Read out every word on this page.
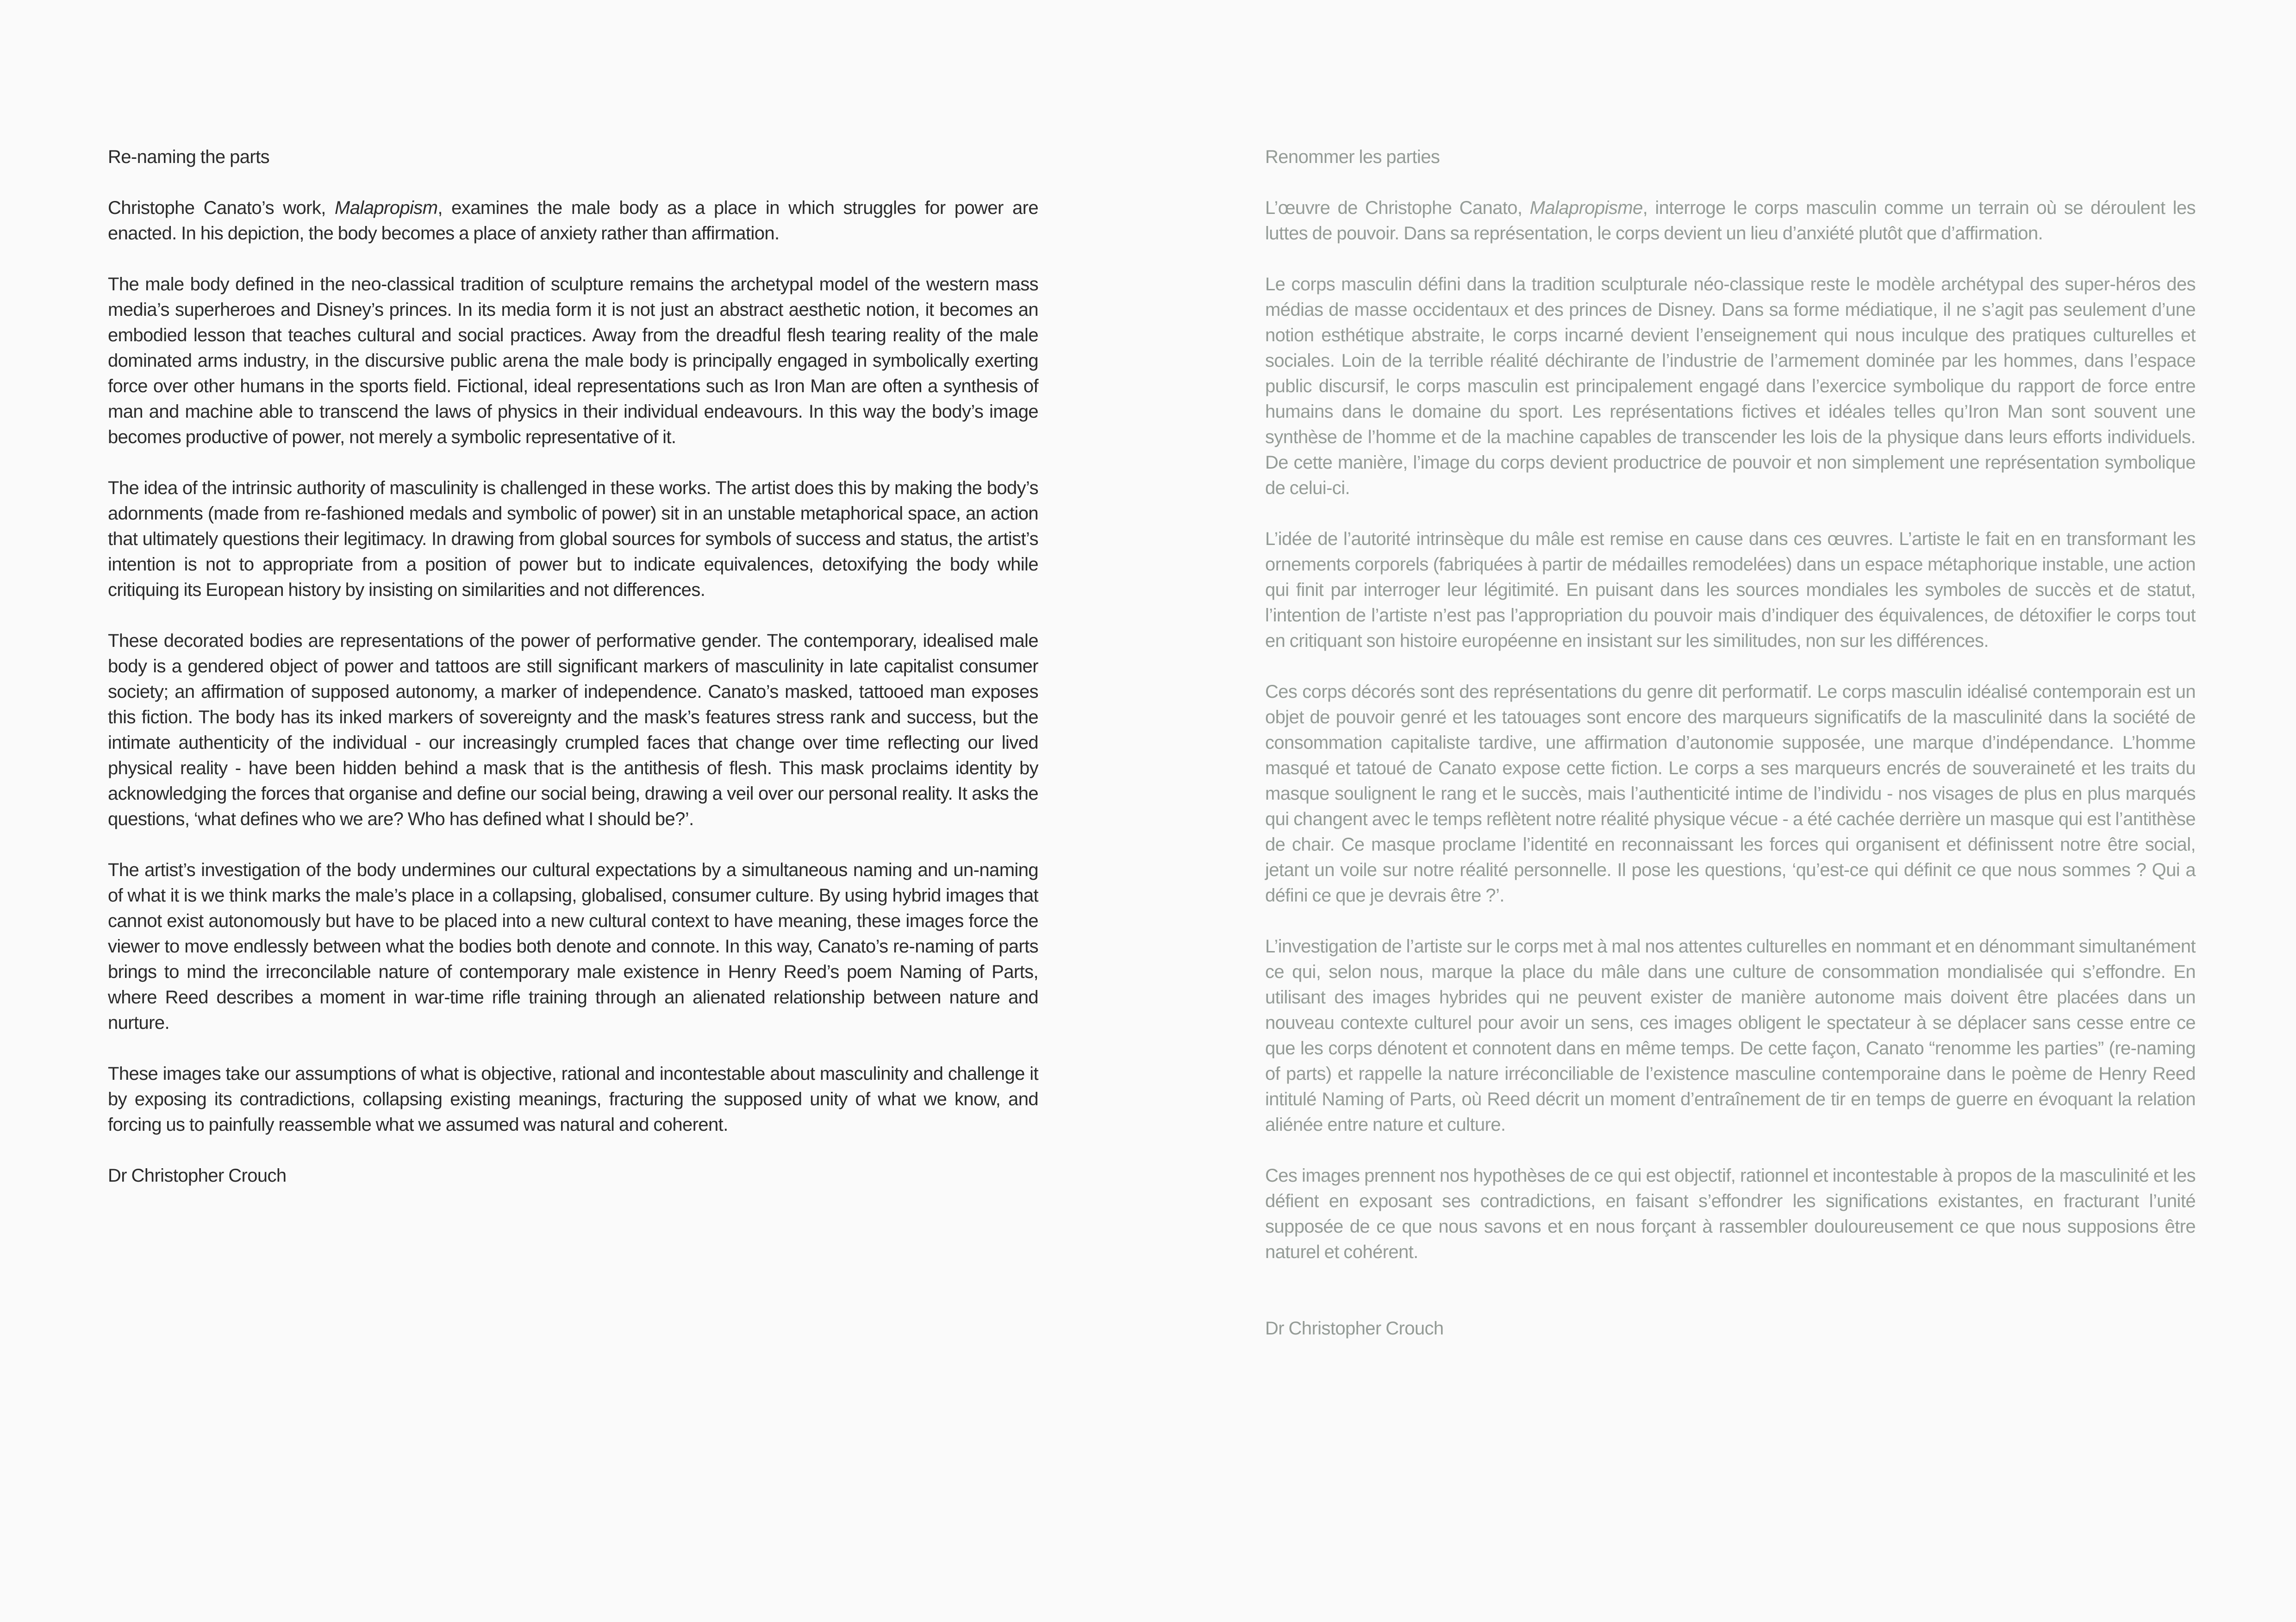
Re-naming the parts

Christophe Canato’s work, Malapropism, examines the male body as a place in which struggles for power are enacted. In his depiction, the body becomes a place of anxiety rather than affirmation.

The male body defined in the neo-classical tradition of sculpture remains the archetypal model of the western mass media’s superheroes and Disney’s princes. In its media form it is not just an abstract aesthetic notion, it becomes an embodied lesson that teaches cultural and social practices. Away from the dreadful flesh tearing reality of the male dominated arms industry, in the discursive public arena the male body is principally engaged in symbolically exerting force over other humans in the sports field. Fictional, ideal representations such as Iron Man are often a synthesis of man and machine able to transcend the laws of physics in their individual endeavours. In this way the body’s image becomes productive of power, not merely a symbolic representative of it.

The idea of the intrinsic authority of masculinity is challenged in these works. The artist does this by making the body’s adornments (made from re-fashioned medals and symbolic of power) sit in an unstable metaphorical space, an action that ultimately questions their legitimacy. In drawing from global sources for symbols of success and status, the artist’s intention is not to appropriate from a position of power but to indicate equivalences, detoxifying the body while critiquing its European history by insisting on similarities and not differences.

These decorated bodies are representations of the power of performative gender. The contemporary, idealised male body is a gendered object of power and tattoos are still significant markers of masculinity in late capitalist consumer society; an affirmation of supposed autonomy, a marker of independence. Canato’s masked, tattooed man exposes this fiction. The body has its inked markers of sovereignty and the mask’s features stress rank and success, but the intimate authenticity of the individual - our increasingly crumpled faces that change over time reflecting our lived physical reality - have been hidden behind a mask that is the antithesis of flesh. This mask proclaims identity by acknowledging the forces that organise and define our social being, drawing a veil over our personal reality. It asks the questions, ‘what defines who we are? Who has defined what I should be?’.

The artist’s investigation of the body undermines our cultural expectations by a simultaneous naming and un-naming of what it is we think marks the male’s place in a collapsing, globalised, consumer culture. By using hybrid images that cannot exist autonomously but have to be placed into a new cultural context to have meaning, these images force the viewer to move endlessly between what the bodies both denote and connote. In this way, Canato’s re-naming of parts brings to mind the irreconcilable nature of contemporary male existence in Henry Reed’s poem Naming of Parts, where Reed describes a moment in war-time rifle training through an alienated relationship between nature and nurture.

These images take our assumptions of what is objective, rational and incontestable about masculinity and challenge it by exposing its contradictions, collapsing existing meanings, fracturing the supposed unity of what we know, and forcing us to painfully reassemble what we assumed was natural and coherent.

Dr Christopher Crouch

Renommer les parties

L’œuvre de Christophe Canato, Malapropisme, interroge le corps masculin comme un terrain où se déroulent les luttes de pouvoir. Dans sa représentation, le corps devient un lieu d’anxiété plutôt que d’affirmation.

Le corps masculin défini dans la tradition sculpturale néo-classique reste le modèle archétypal des super-héros des médias de masse occidentaux et des princes de Disney. Dans sa forme médiatique, il ne s’agit pas seulement d’une notion esthétique abstraite, le corps incarné devient l’enseignement qui nous inculque des pratiques culturelles et sociales. Loin de la terrible réalité déchirante de l’industrie de l’armement dominée par les hommes, dans l’espace public discursif, le corps masculin est principalement engagé dans l’exercice symbolique du rapport de force entre humains dans le domaine du sport. Les représentations fictives et idéales telles qu’Iron Man sont souvent une synthèse de l’homme et de la machine capables de transcender les lois de la physique dans leurs efforts individuels. De cette manière, l’image du corps devient productrice de pouvoir et non simplement une représentation symbolique de celui-ci.

L’idée de l’autorité intrinsèque du mâle est remise en cause dans ces œuvres. L’artiste le fait en en transformant les ornements corporels (fabriquées à partir de médailles remodelées) dans un espace métaphorique instable, une action qui finit par interroger leur légitimité. En puisant dans les sources mondiales les symboles de succès et de statut, l’intention de l’artiste n’est pas l’appropriation du pouvoir mais d’indiquer des équivalences, de détoxifier le corps tout en critiquant son histoire européenne en insistant sur les similitudes, non sur les différences.

Ces corps décorés sont des représentations du genre dit performatif. Le corps masculin idéalisé contemporain est un objet de pouvoir genré et les tatouages sont encore des marqueurs significatifs de la masculinité dans la société de consommation capitaliste tardive, une affirmation d’autonomie supposée, une marque d’indépendance. L’homme masqué et tatoué de Canato expose cette fiction. Le corps a ses marqueurs encrés de souveraineté et les traits du masque soulignent le rang et le succès, mais l’authenticité intime de l’individu - nos visages de plus en plus marqués qui changent avec le temps reflètent notre réalité physique vécue - a été cachée derrière un masque qui est l’antithèse de chair. Ce masque proclame l’identité en reconnaissant les forces qui organisent et définissent notre être social, jetant un voile sur notre réalité personnelle. Il pose les questions, ‘qu’est-ce qui définit ce que nous sommes ? Qui a défini ce que je devrais être ?’.

L’investigation de l’artiste sur le corps met à mal nos attentes culturelles en nommant et en dénommant simultanément ce qui, selon nous, marque la place du mâle dans une culture de consommation mondialisée qui s’effondre. En utilisant des images hybrides qui ne peuvent exister de manière autonome mais doivent être placées dans un nouveau contexte culturel pour avoir un sens, ces images obligent le spectateur à se déplacer sans cesse entre ce que les corps dénotent et connotent dans en même temps. De cette façon, Canato “renomme les parties” (re-naming of parts) et rappelle la nature irréconciliable de l’existence masculine contemporaine dans le poème de Henry Reed intitulé Naming of Parts, où Reed décrit un moment d’entraînement de tir en temps de guerre en évoquant la relation aliénée entre nature et culture.

Ces images prennent nos hypothèses de ce qui est objectif, rationnel et incontestable à propos de la masculinité et les défient en exposant ses contradictions, en faisant s’effondrer les significations existantes, en fracturant l’unité supposée de ce que nous savons et en nous forçant à rassembler douloureusement ce que nous supposions être naturel et cohérent.

Dr Christopher Crouch
